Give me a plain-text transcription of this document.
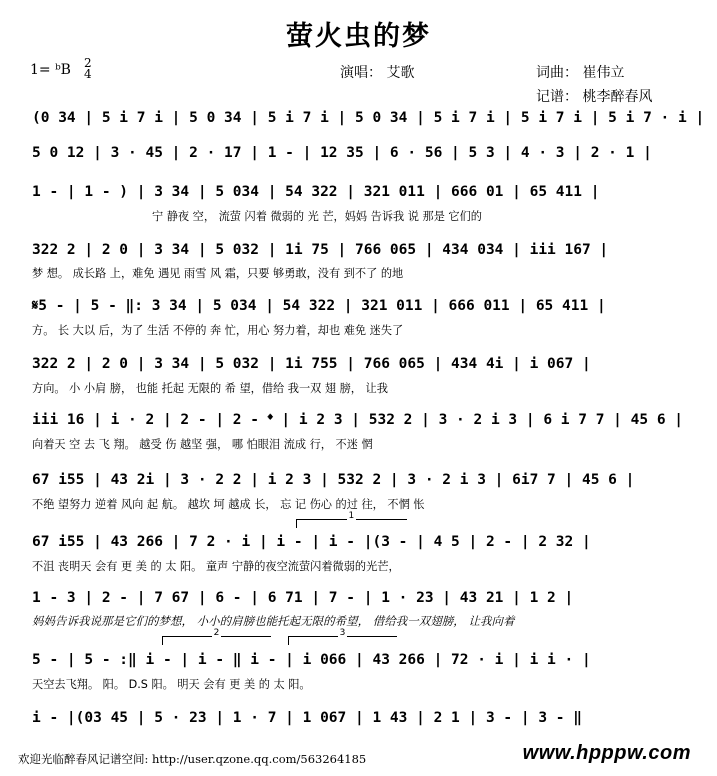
萤火虫的梦
1= ᵇB 2
4	演唱： 艾歌	词曲： 崔伟立
记谱： 桃李醉春风
(0 34 | 5 i 7 i | 5 0 34 | 5 i 7 i | 5 0 34 | 5 i 7 i | 5 i 7 i | 5 i 7 · i |
5 0 12 | 3 · 45 | 2 · 17 | 1 - | 12 35 | 6 · 56 | 5 3 | 4 · 3 | 2 · 1 |
1 - | 1 - ) | 3 34 | 5 034 | 54 322 | 321 011 | 666 01 | 65 411 |
宁 静夜 空， 流萤 闪着 微弱的 光 芒，妈妈 告诉我 说 那是 它们的
322 2 | 2 0 | 3 34 | 5 032 | 1i 75 | 766 065 | 434 034 | iii 167 |
梦 想。 成长路 上，难免 遇见 雨雪 风 霜，只要 够勇敢，没有 到不了 的地
𝄋5 - | 5 - ‖: 3 34 | 5 034 | 54 322 | 321 011 | 666 011 | 65 411 |
方。 长 大以 后，为了 生活 不停的 奔 忙，用心 努力着，却也 难免 迷失了
322 2 | 2 0 | 3 34 | 5 032 | 1i 755 | 766 065 | 434 4i | i 067 |
方向。 小 小肩 膀， 也能 托起 无限的 希 望，借给 我一双 翅 膀， 让我
iii 16 | i · 2 | 2 - | 2 - 𝄌 | i 2 3 | 532 2 | 3 · 2 i 3 | 6 i 7 7 | 45 6 |
向着天 空 去 飞 翔。 越受 伤 越坚 强， 哪 怕眼泪 流成 行， 不迷 惘
67 i55 | 43 2i | 3 · 2 2 | i 2 3 | 532 2 | 3 · 2 i 3 | 6i7 7 | 45 6 |
不绝 望努力 逆着 风向 起 航。 越坎 坷 越成 长， 忘 记 伤心 的过 往， 不惘 怅
1
67 i55 | 43 266 | 7 2 · i | i - | i - |(3 - | 4 5 | 2 - | 2 32 |
不沮 丧明天 会有 更 美 的 太 阳。 童声 宁静的夜空流萤闪着微弱的光芒，
1 - 3 | 2 - | 7 67 | 6 - | 6 71 | 7 - | 1 · 23 | 43 21 | 1 2 |
妈妈告诉我说那是它们的梦想， 小小的肩膀也能托起无限的希望， 借给我一双翅膀， 让我向着
2	3
5 - | 5 - :‖ i - | i - ‖ i - | i 066 | 43 266 | 72 · i | i i · |
天空去飞翔。 阳。 D.S 阳。 明天 会有 更 美 的 太 阳。
i - |(03 45 | 5 · 23 | 1 · 7 | 1 067 | 1 43 | 2 1 | 3 - | 3 - ‖
欢迎光临醉春风记谱空间: http://user.qzone.qq.com/563264185	www.hpppw.com
